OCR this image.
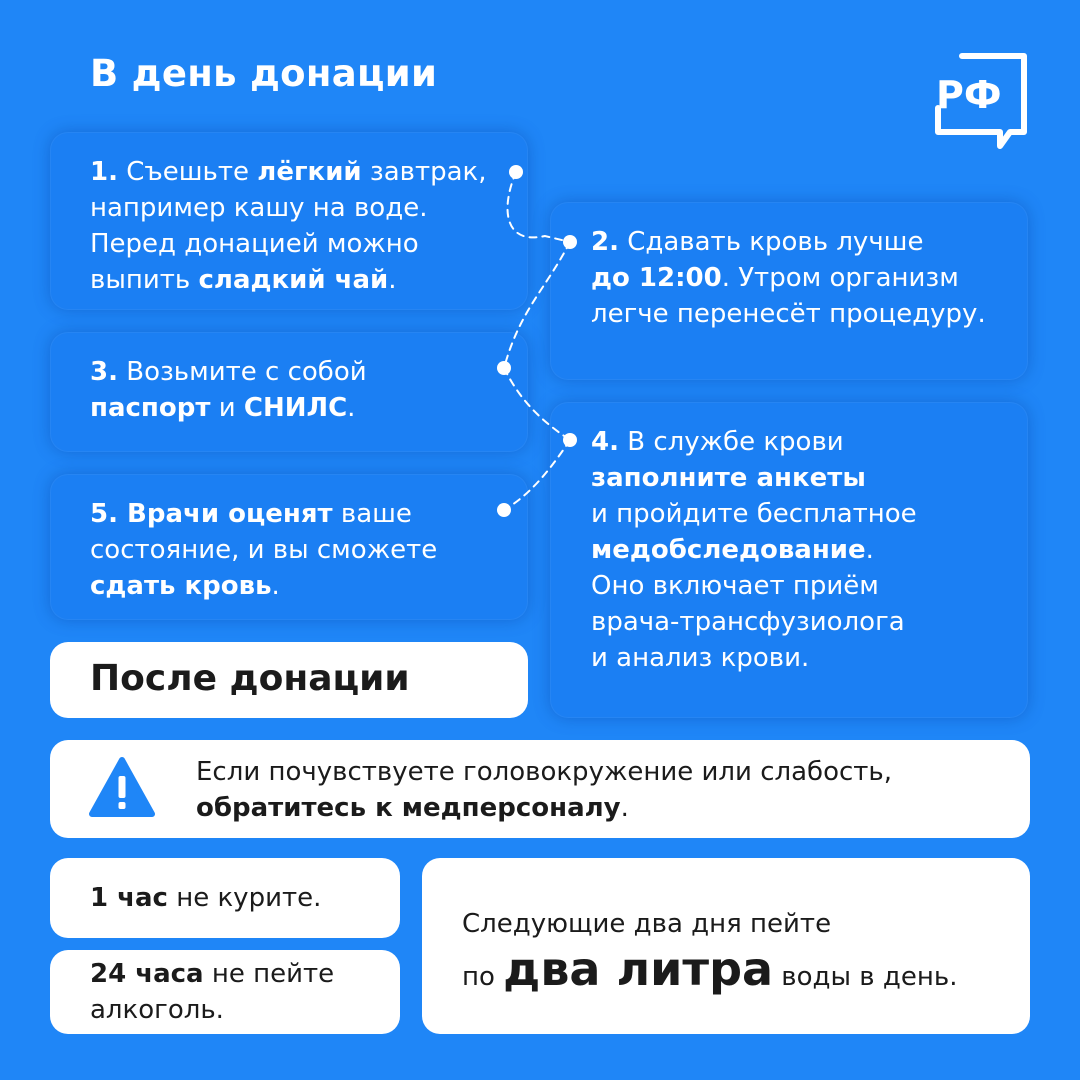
В день донации	РФ
1. Съешьте лёгкий завтрак,
например кашу на воде.
Перед донацией можно
выпить сладкий чай.
2. Сдавать кровь лучше
до 12:00. Утром организм
легче перенесёт процедуру.
3. Возьмите с собой
паспорт и СНИЛС.
4. В службе крови
заполните анкеты
и пройдите бесплатное
медобследование.
Оно включает приём
врача-трансфузиолога
и анализ крови.
5. Врачи оценят ваше
состояние, и вы сможете
сдать кровь.
После донации
Если почувствуете головокружение или слабость,
обратитесь к медперсоналу.
1 час не курите.
24 часа не пейте
алкоголь.
Следующие два дня пейте
по два литра воды в день.
